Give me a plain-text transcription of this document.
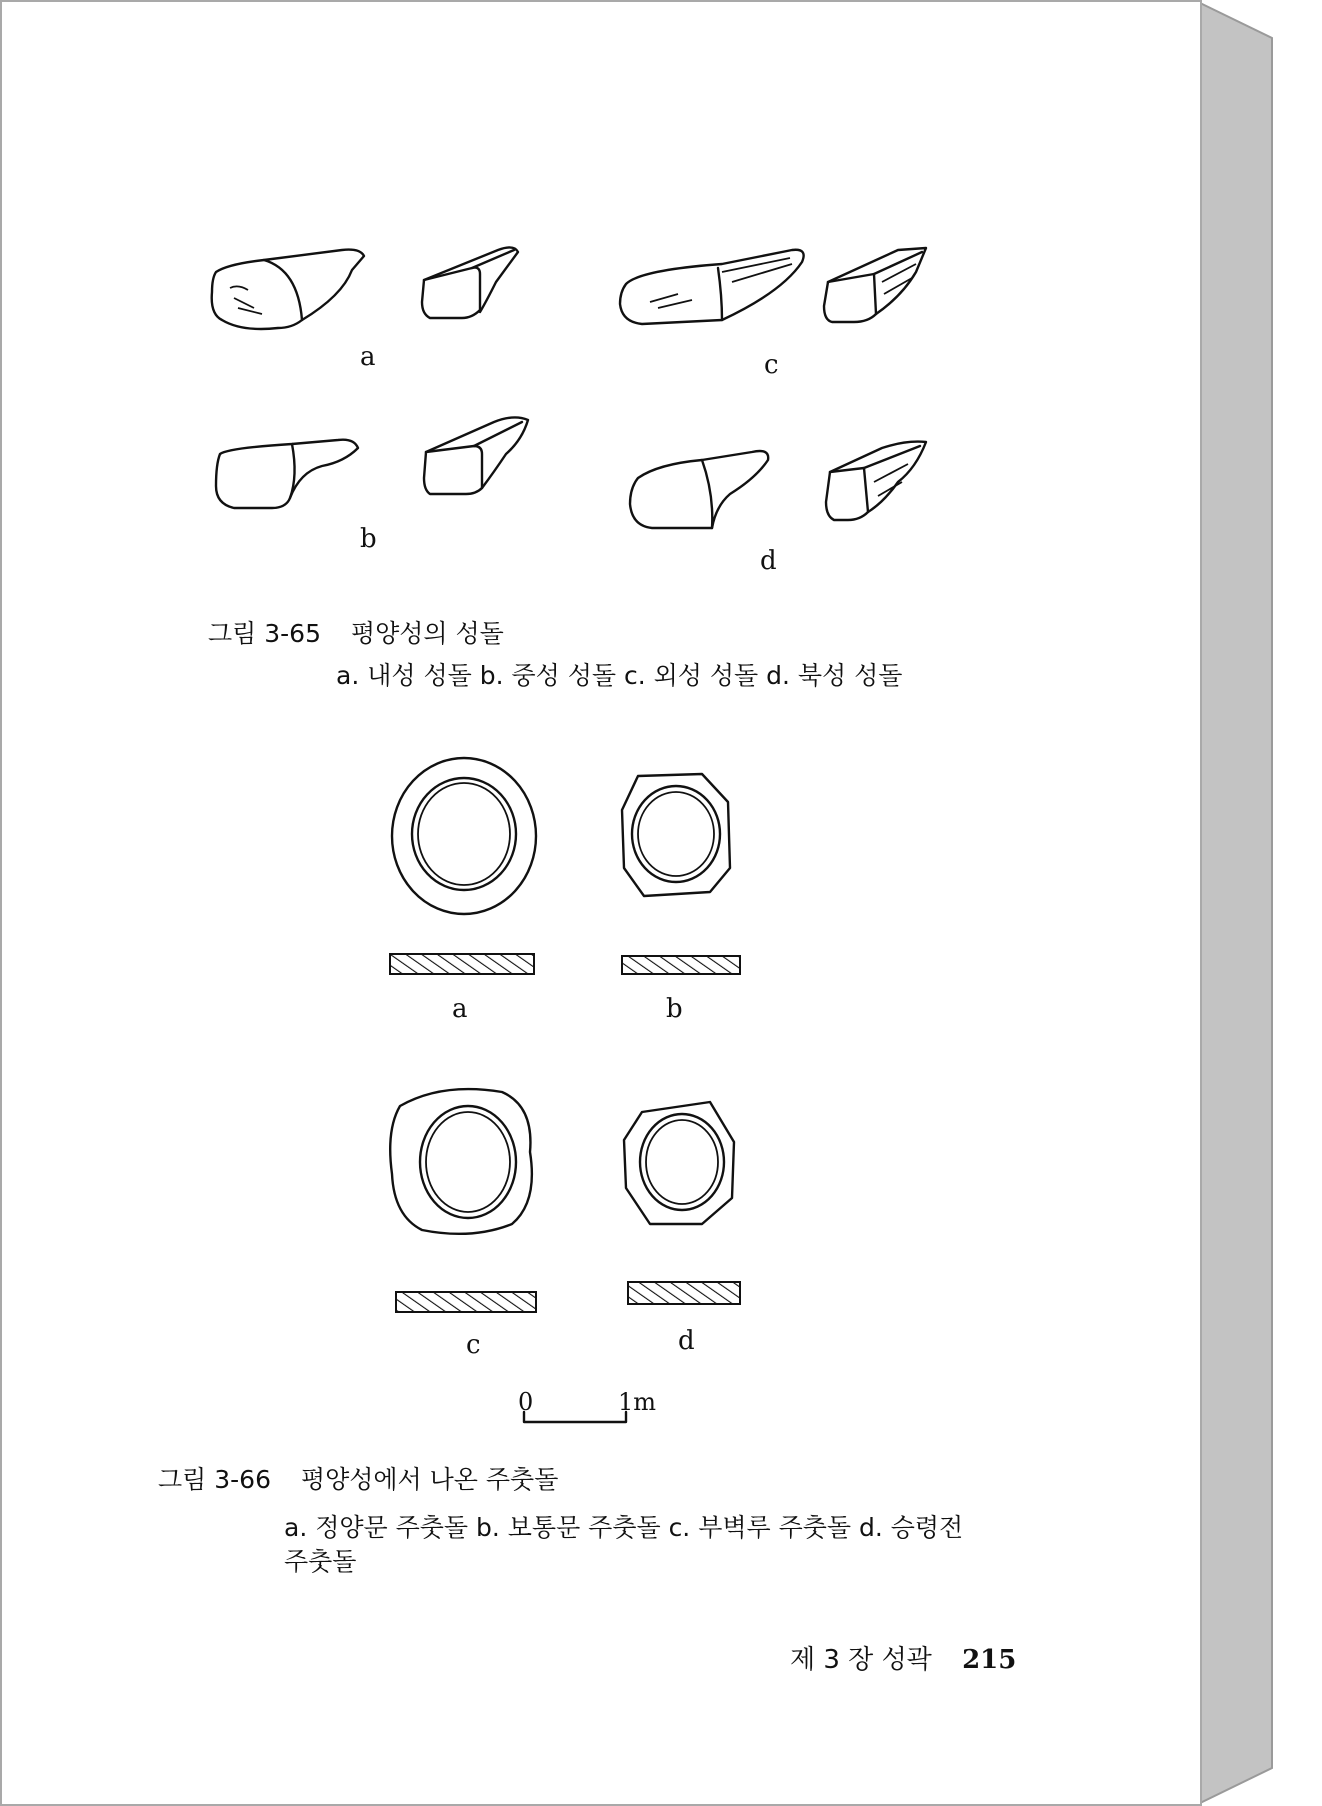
a	c
b
d
그림 3-65 평양성의 성돌
a. 내성 성돌 b. 중성 성돌 c. 외성 성돌 d. 북성 성돌
a	b
c	d
0	1m
그림 3-66 평양성에서 나온 주춧돌
a. 정양문 주춧돌 b. 보통문 주춧돌 c. 부벽루 주춧돌 d. 승령전
주춧돌
제 3 장 성곽 215
